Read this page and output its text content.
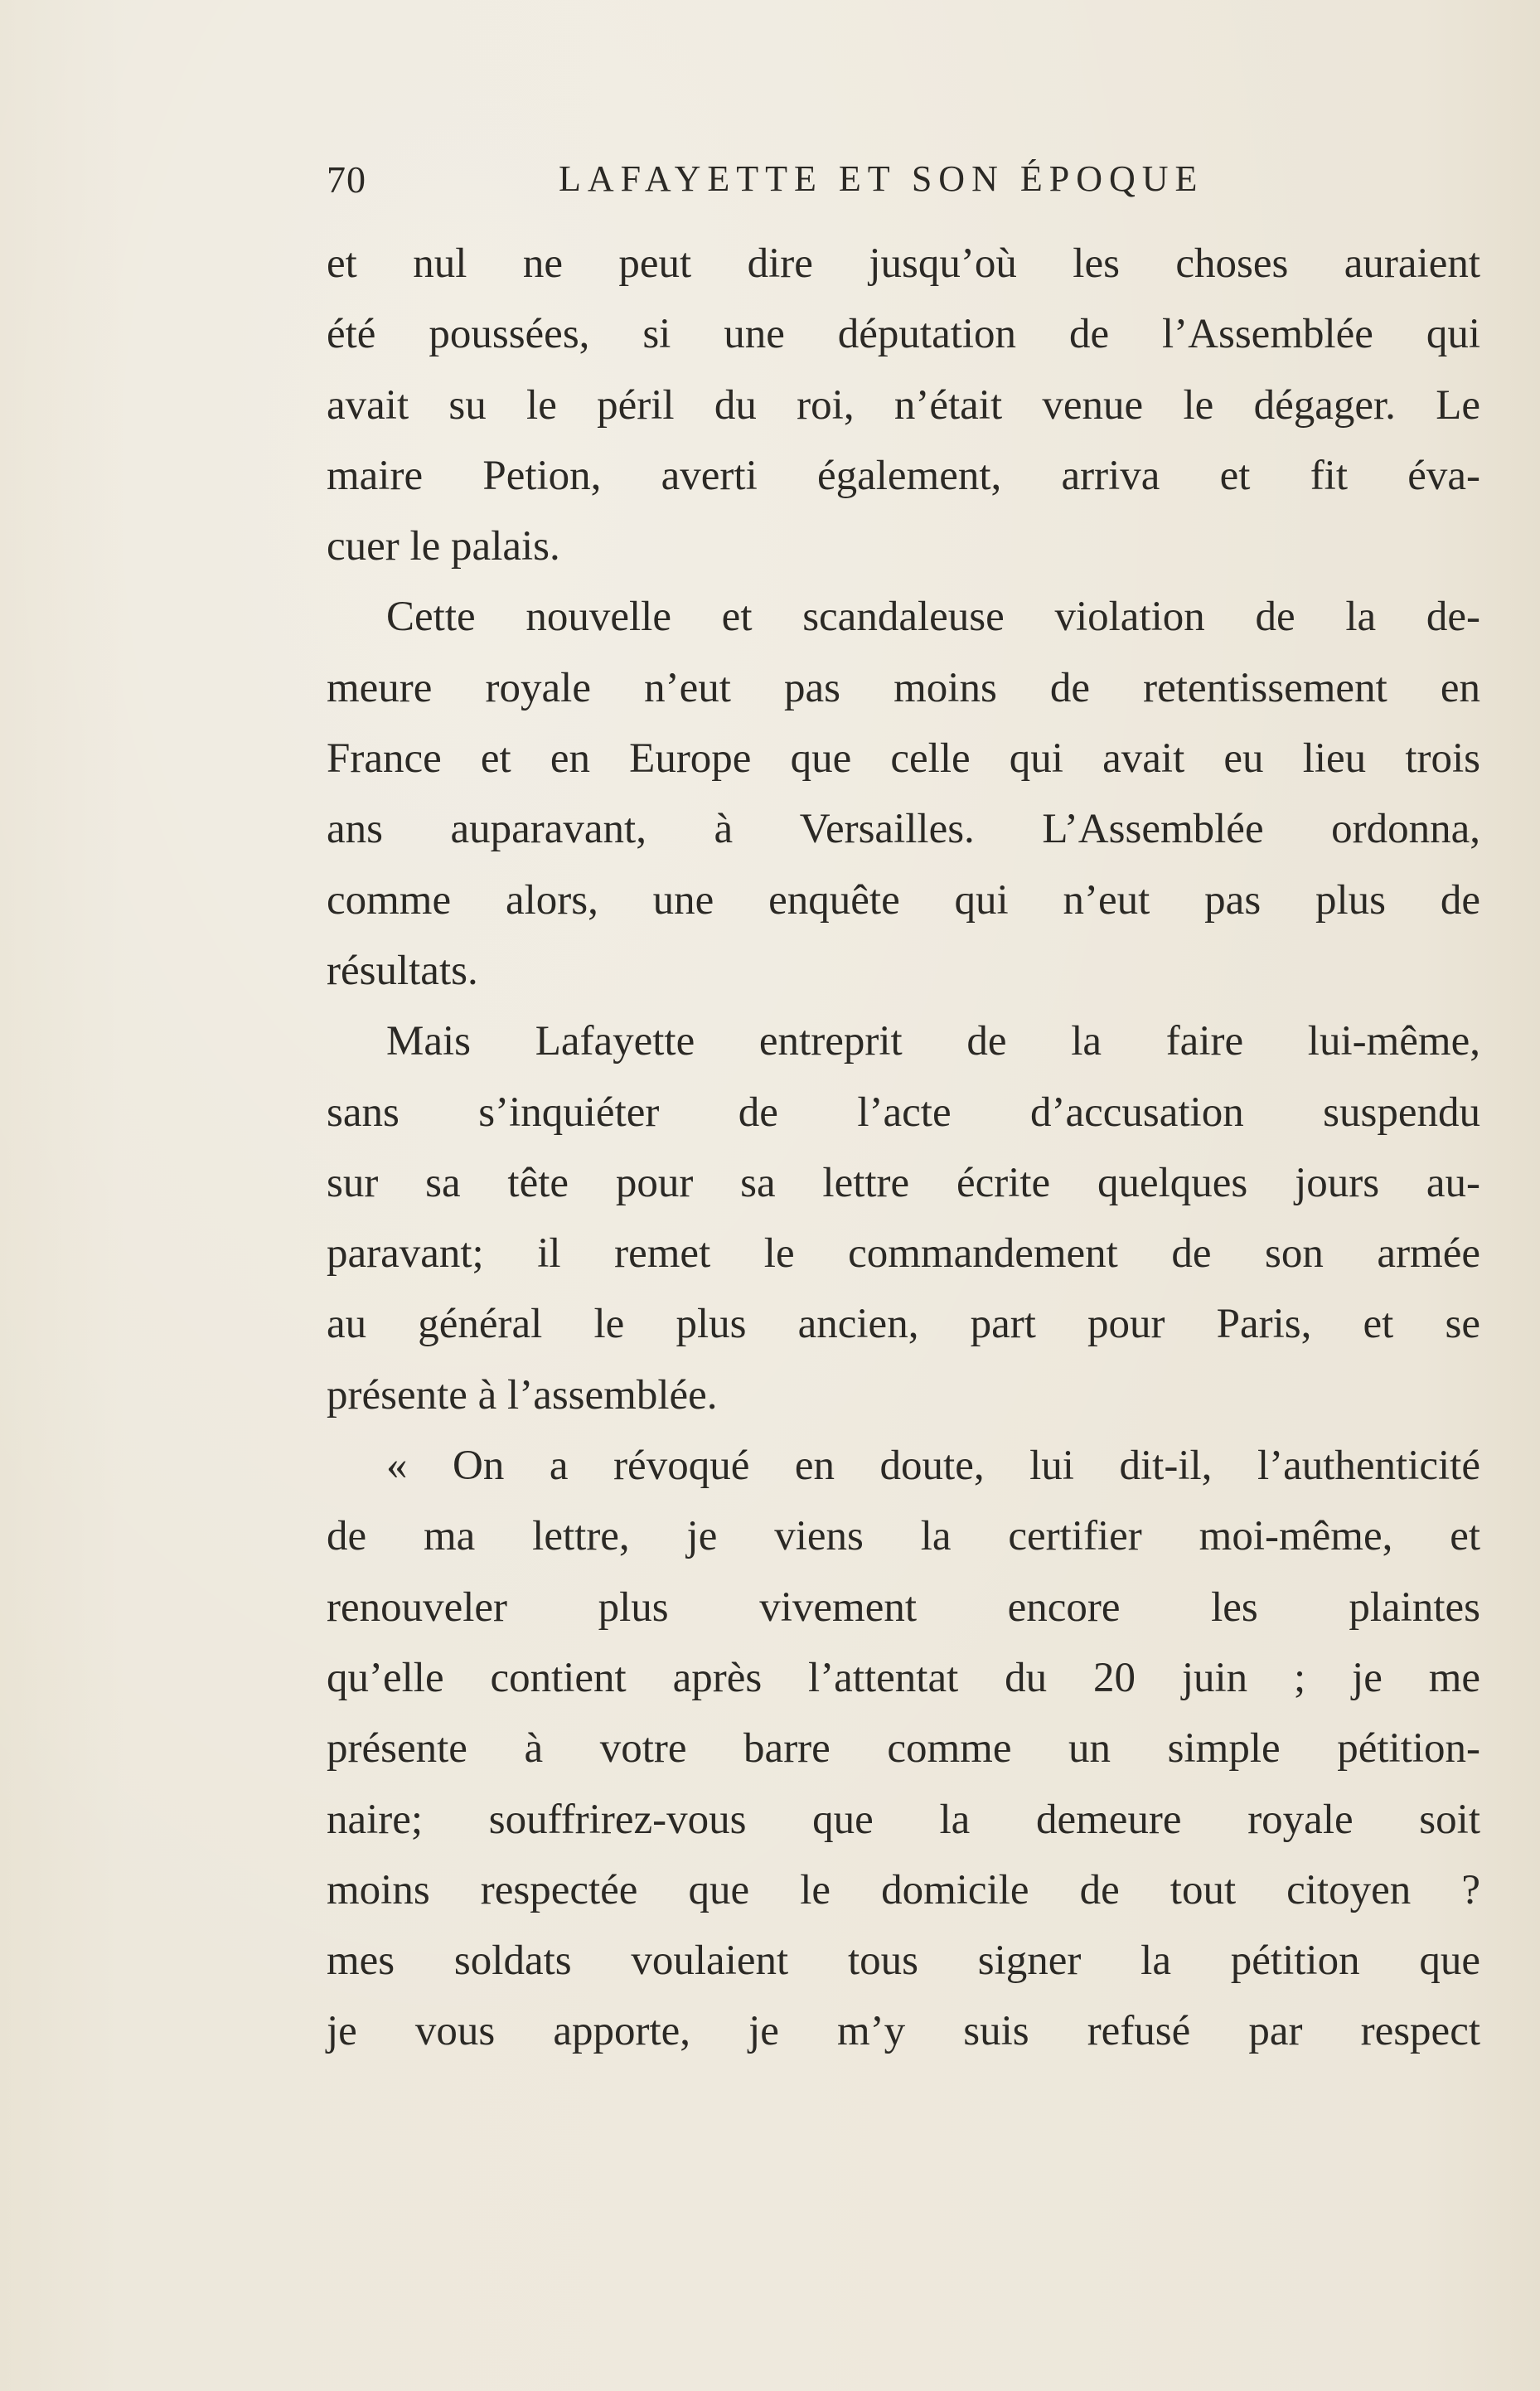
70	LAFAYETTE ET SON ÉPOQUE
et nul ne peut dire jusqu’où les choses auraient
été poussées, si une députation de l’Assemblée qui
avait su le péril du roi, n’était venue le dégager. Le
maire Petion, averti également, arriva et fit éva-
cuer le palais.
Cette nouvelle et scandaleuse violation de la de-
meure royale n’eut pas moins de retentissement en
France et en Europe que celle qui avait eu lieu trois
ans auparavant, à Versailles. L’Assemblée ordonna,
comme alors, une enquête qui n’eut pas plus de
résultats.
Mais Lafayette entreprit de la faire lui-même,
sans s’inquiéter de l’acte d’accusation suspendu
sur sa tête pour sa lettre écrite quelques jours au-
paravant; il remet le commandement de son armée
au général le plus ancien, part pour Paris, et se
présente à l’assemblée.
« On a révoqué en doute, lui dit-il, l’authenticité
de ma lettre, je viens la certifier moi-même, et
renouveler plus vivement encore les plaintes
qu’elle contient après l’attentat du 20 juin ; je me
présente à votre barre comme un simple pétition-
naire; souffrirez-vous que la demeure royale soit
moins respectée que le domicile de tout citoyen ?
mes soldats voulaient tous signer la pétition que
je vous apporte, je m’y suis refusé par respect
